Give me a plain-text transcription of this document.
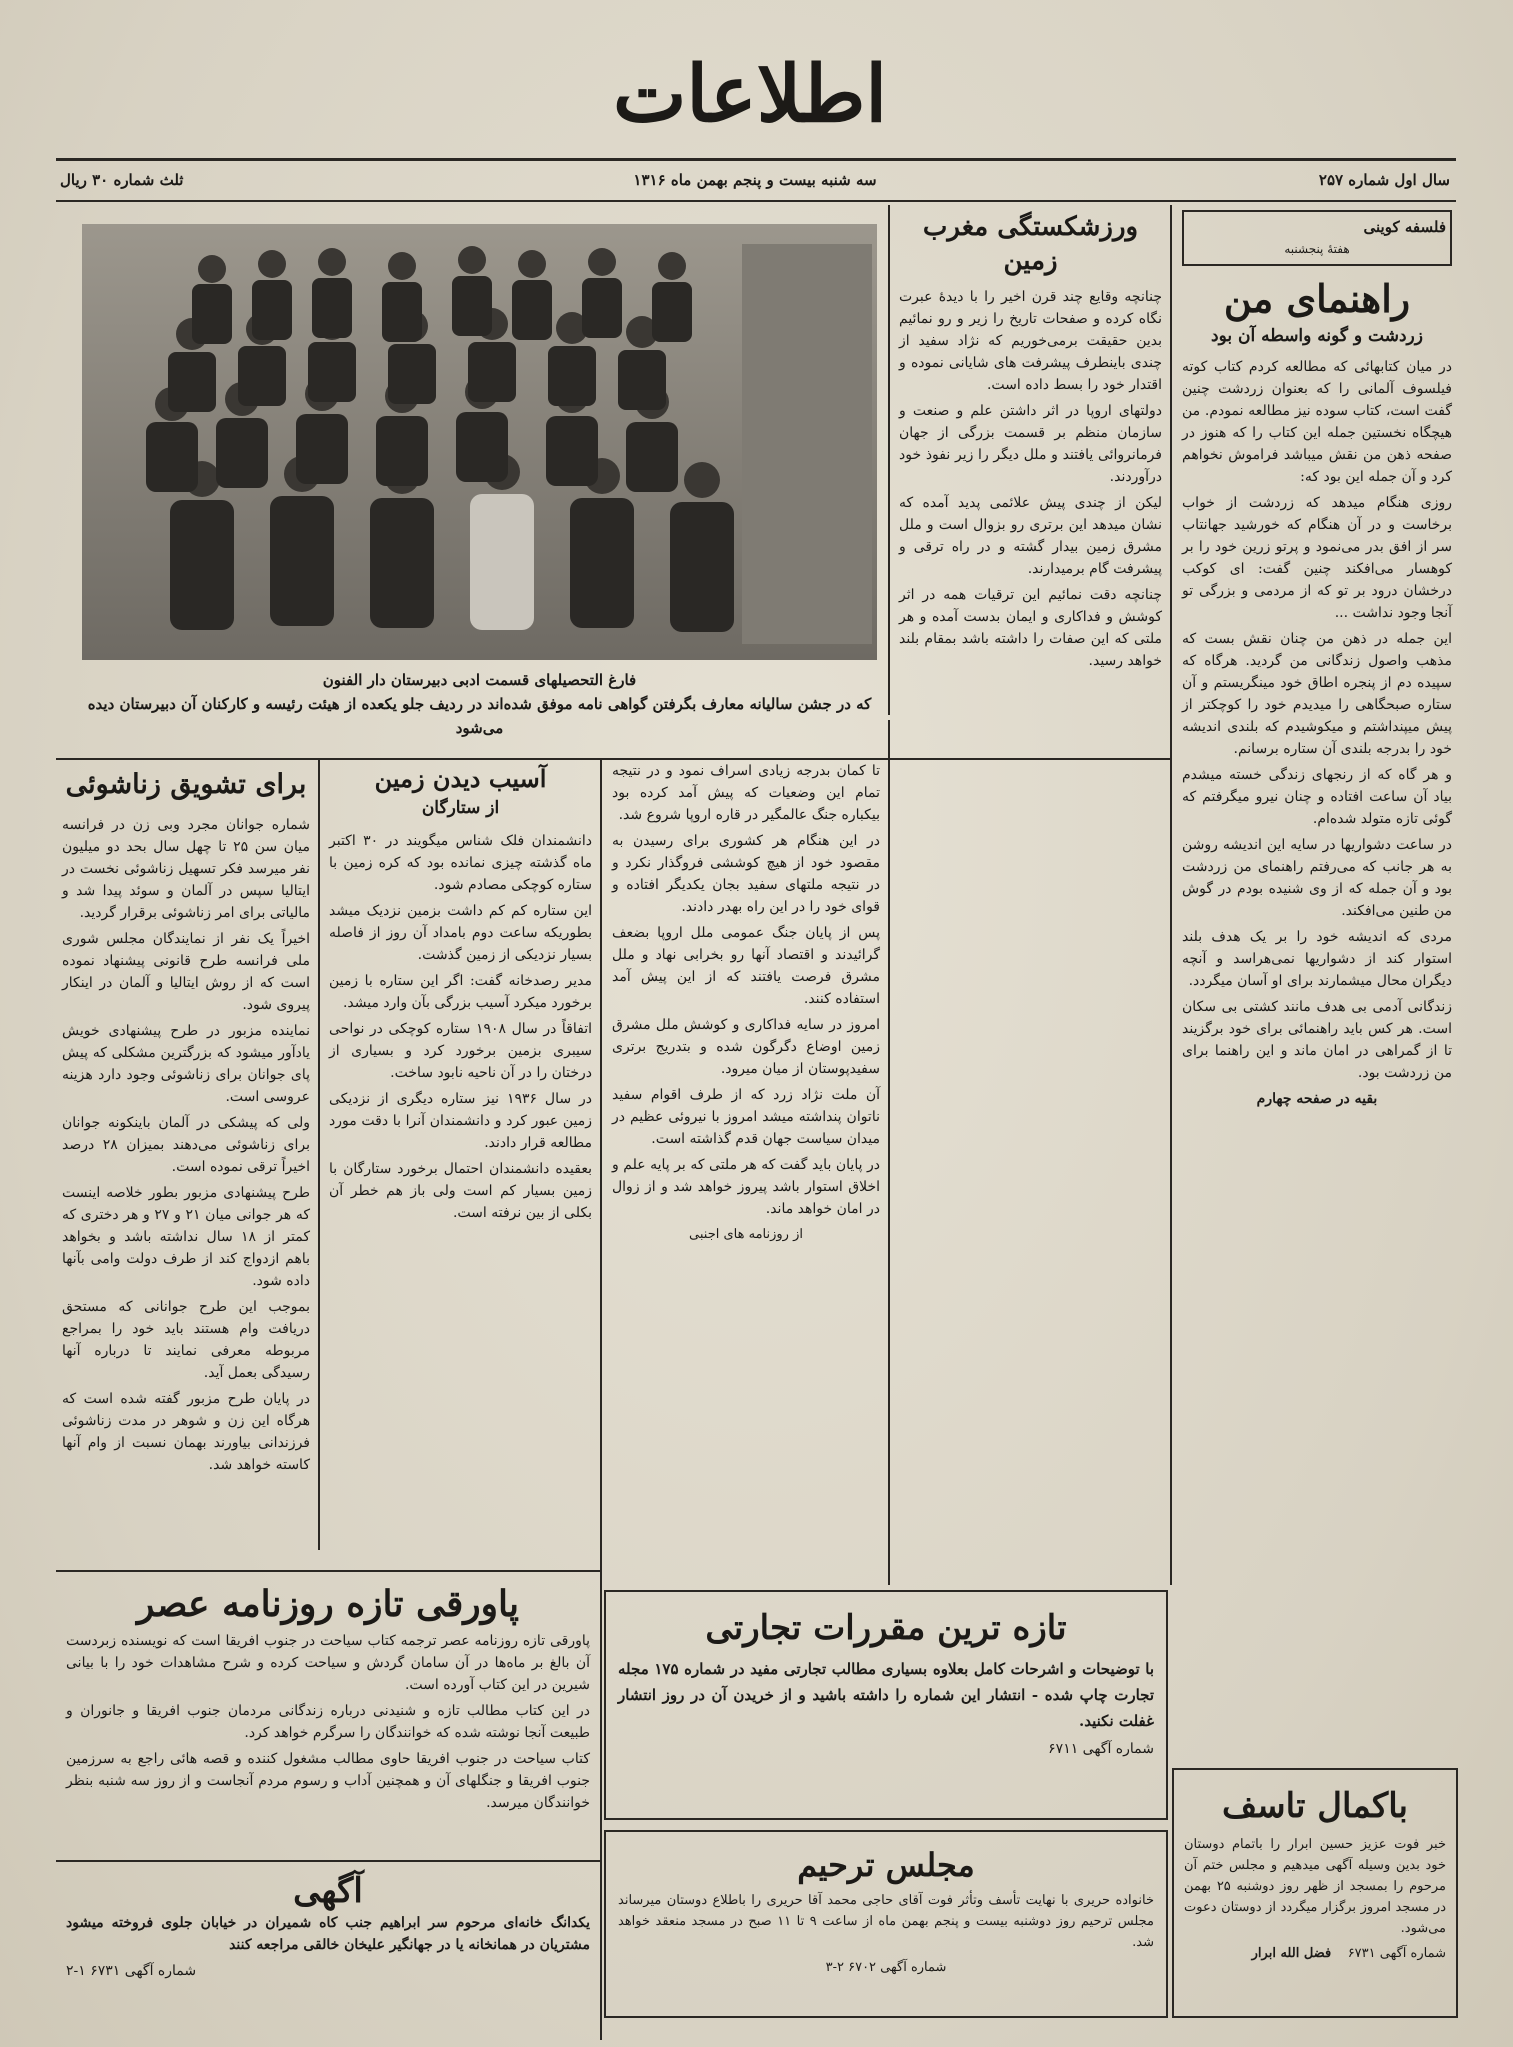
اطلاعات
سال اول شماره ۲۵۷
سه شنبه بیست و پنجم بهمن ماه ۱۳۱۶
ثلث شماره ۳۰ ریال
فلسفه کوینی
هفتهٔ پنجشنبه
راهنمای من
زردشت و گونه واسطه آن بود

در میان کتابهائی که مطالعه کردم کتاب کوته فیلسوف آلمانی را که بعنوان زردشت چنین گفت است، کتاب سوده نیز مطالعه نمودم. من هیچگاه نخستین جمله این کتاب را که هنوز در صفحه ذهن من نقش میباشد فراموش نخواهم کرد و آن جمله این بود که:

روزی هنگام میدهد که زردشت از خواب برخاست و در آن هنگام که خورشید جهانتاب سر از افق بدر می‌نمود و پرتو زرین خود را بر کوهسار می‌افکند چنین گفت: ای کوکب درخشان درود بر تو که از مردمی و بزرگی تو آنجا وجود نداشت ...

این جمله در ذهن من چنان نقش بست که مذهب واصول زندگانی من گردید. هرگاه که سپیده دم از پنجره اطاق خود مینگریستم و آن ستاره صبحگاهی را میدیدم خود را کوچکتر از پیش میپنداشتم و میکوشیدم که بلندی اندیشه خود را بدرجه بلندی آن ستاره برسانم.

و هر گاه که از رنجهای زندگی خسته میشدم بیاد آن ساعت افتاده و چنان نیرو میگرفتم که گوئی تازه متولد شده‌ام.

در ساعت دشواریها در سایه این اندیشه روشن به هر جانب که می‌رفتم راهنمای من زردشت بود و آن جمله که از وی شنیده بودم در گوش من طنین می‌افکند.

مردی که اندیشه خود را بر یک هدف بلند استوار کند از دشواریها نمی‌هراسد و آنچه دیگران محال میشمارند برای او آسان میگردد.

زندگانی آدمی بی هدف مانند کشتی بی سکان است. هر کس باید راهنمائی برای خود برگزیند تا از گمراهی در امان ماند و این راهنما برای من زردشت بود.

بقیه در صفحه چهارم

ورزشکستگی مغرب زمین

چنانچه وقایع چند قرن اخیر را با دیدهٔ عبرت نگاه کرده و صفحات تاریخ را زیر و رو نمائیم بدین حقیقت برمی‌خوریم که نژاد سفید از چندی باینطرف پیشرفت های شایانی نموده و اقتدار خود را بسط داده است.

دولتهای اروپا در اثر داشتن علم و صنعت و سازمان منظم بر قسمت بزرگی از جهان فرمانروائی یافتند و ملل دیگر را زیر نفوذ خود درآوردند.

لیکن از چندی پیش علائمی پدید آمده که نشان میدهد این برتری رو بزوال است و ملل مشرق زمین بیدار گشته و در راه ترقی و پیشرفت گام برمیدارند.

چنانچه دقت نمائیم این ترقیات همه در اثر کوشش و فداکاری و ایمان بدست آمده و هر ملتی که این صفات را داشته باشد بمقام بلند خواهد رسید.

فارغ التحصیلهای قسمت ادبی دبیرستان دار الفنون
که در جشن سالیانه معارف بگرفتن گواهی نامه موفق شده‌اند در ردیف جلو یکعده از هیئت رئیسه و کارکنان آن دبیرستان دیده می‌شود

تا کمان بدرجه زیادی اسراف نمود و در نتیجه تمام این وضعیات که پیش آمد کرده بود بیکباره جنگ عالمگیر در قاره اروپا شروع شد.

در این هنگام هر کشوری برای رسیدن به مقصود خود از هیچ کوششی فروگذار نکرد و در نتیجه ملتهای سفید بجان یکدیگر افتاده و قوای خود را در این راه بهدر دادند.

پس از پایان جنگ عمومی ملل اروپا بضعف گرائیدند و اقتصاد آنها رو بخرابی نهاد و ملل مشرق فرصت یافتند که از این پیش آمد استفاده کنند.

امروز در سایه فداکاری و کوشش ملل مشرق زمین اوضاع دگرگون شده و بتدریج برتری سفیدپوستان از میان میرود.

آن ملت نژاد زرد که از طرف اقوام سفید ناتوان پنداشته میشد امروز با نیروئی عظیم در میدان سیاست جهان قدم گذاشته است.

در پایان باید گفت که هر ملتی که بر پایه علم و اخلاق استوار باشد پیروز خواهد شد و از زوال در امان خواهد ماند.

از روزنامه های اجنبی

آسیب دیدن زمین
از ستارگان

دانشمندان فلک شناس میگویند در ۳۰ اکتبر ماه گذشته چیزی نمانده بود که کره زمین با ستاره کوچکی مصادم شود.

این ستاره کم کم داشت بزمین نزدیک میشد بطوریکه ساعت دوم بامداد آن روز از فاصله بسیار نزدیکی از زمین گذشت.

مدیر رصدخانه گفت: اگر این ستاره با زمین برخورد میکرد آسیب بزرگی بآن وارد میشد.

اتفاقاً در سال ۱۹۰۸ ستاره کوچکی در نواحی سیبری بزمین برخورد کرد و بسیاری از درختان را در آن ناحیه نابود ساخت.

در سال ۱۹۳۶ نیز ستاره دیگری از نزدیکی زمین عبور کرد و دانشمندان آنرا با دقت مورد مطالعه قرار دادند.

بعقیده دانشمندان احتمال برخورد ستارگان با زمین بسیار کم است ولی باز هم خطر آن بکلی از بین نرفته است.

برای تشویق زناشوئی

شماره جوانان مجرد وبی زن در فرانسه میان سن ۲۵ تا چهل سال بحد دو میلیون نفر میرسد فکر تسهیل زناشوئی نخست در ایتالیا سپس در آلمان و سوئد پیدا شد و مالیاتی برای امر زناشوئی برقرار گردید.

اخیراً یک نفر از نمایندگان مجلس شوری ملی فرانسه طرح قانونی پیشنهاد نموده است که از روش ایتالیا و آلمان در اینکار پیروی شود.

نماینده مزبور در طرح پیشنهادی خویش یادآور میشود که بزرگترین مشکلی که پیش پای جوانان برای زناشوئی وجود دارد هزینه عروسی است.

ولی که پیشکی در آلمان باینکونه جوانان برای زناشوئی می‌دهند بمیزان ۲۸ درصد اخیراً ترقی نموده است.

طرح پیشنهادی مزبور بطور خلاصه اینست که هر جوانی میان ۲۱ و ۲۷ و هر دختری که کمتر از ۱۸ سال نداشته باشد و بخواهد باهم ازدواج کند از طرف دولت وامی بآنها داده شود.

بموجب این طرح جوانانی که مستحق دریافت وام هستند باید خود را بمراجع مربوطه معرفی نمایند تا درباره آنها رسیدگی بعمل آید.

در پایان طرح مزبور گفته شده است که هرگاه این زن و شوهر در مدت زناشوئی فرزندانی بیاورند بهمان نسبت از وام آنها کاسته خواهد شد.

پاورقی تازه روزنامه عصر

پاورقی تازه روزنامه عصر ترجمه کتاب سیاحت در جنوب افریقا است که نویسنده زبردست آن بالغ بر ماه‌ها در آن سامان گردش و سیاحت کرده و شرح مشاهدات خود را با بیانی شیرین در این کتاب آورده است.

در این کتاب مطالب تازه و شنیدنی درباره زندگانی مردمان جنوب افریقا و جانوران و طبیعت آنجا نوشته شده که خوانندگان را سرگرم خواهد کرد.

کتاب سیاحت در جنوب افریقا حاوی مطالب مشغول کننده و قصه هائی راجع به سرزمین جنوب افریقا و جنگلهای آن و همچنین آداب و رسوم مردم آنجاست و از روز سه شنبه بنظر خوانندگان میرسد.

آگهی

یکدانگ خانه‌ای مرحوم سر ابراهیم جنب کاه شمیران در خیابان جلوی فروخته میشود مشتریان در همانخانه یا در جهانگیر علیخان خالقی مراجعه کنند

شماره آگهی ۶۷۳۱ ۱-۲

تازه ترین مقررات تجارتی

با توضیحات و اشرحات کامل بعلاوه بسیاری مطالب تجارتی مفید در شماره ۱۷۵ مجله تجارت چاپ شده - انتشار این شماره را داشته باشید و از خریدن آن در روز انتشار غفلت نکنید.

شماره آگهی ۶۷۱۱

مجلس ترحیم

خانواده حریری با نهایت تأسف وتأثر فوت آقای حاجی محمد آقا حریری را باطلاع دوستان میرساند مجلس ترحیم روز دوشنبه بیست و پنجم بهمن ماه از ساعت ۹ تا ۱۱ صبح در مسجد منعقد خواهد شد.

شماره آگهی ۶۷۰۲ ۲-۳

باکمال تاسف

خبر فوت عزیز حسین ابرار را باتمام دوستان خود بدین وسیله آگهی میدهیم و مجلس ختم آن مرحوم را بمسجد از ظهر روز دوشنبه ۲۵ بهمن در مسجد امروز برگزار میگردد از دوستان دعوت می‌شود.

شماره آگهی ۶۷۳۱    فضل الله ابرار
